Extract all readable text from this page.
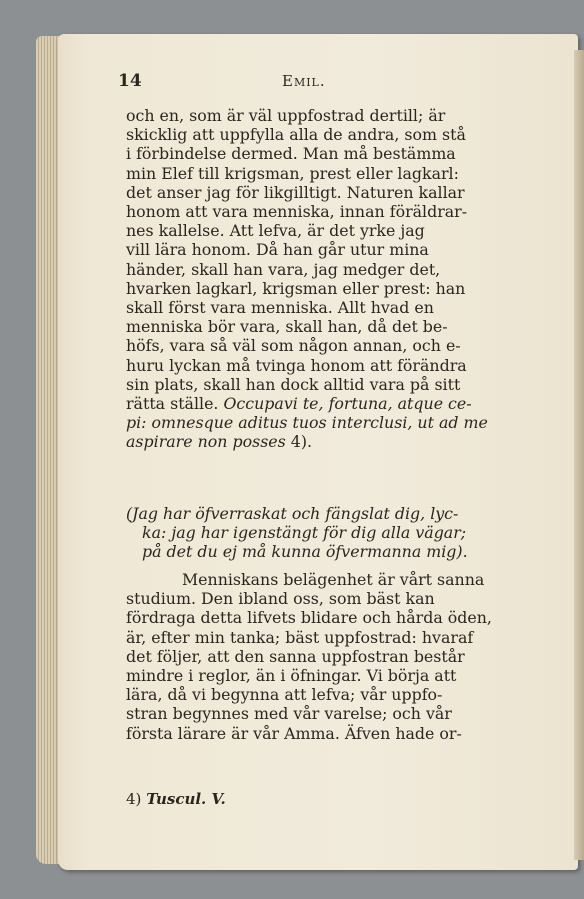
14	Emil.
och en, som är väl uppfostrad dertill; är
skicklig att uppfylla alla de andra, som stå
i förbindelse dermed. Man må bestämma
min Elef till krigsman, prest eller lagkarl:
det anser jag för likgilltigt. Naturen kallar
honom att vara menniska, innan föräldrar-
nes kallelse. Att lefva, är det yrke jag
vill lära honom. Då han går utur mina
händer, skall han vara, jag medger det,
hvarken lagkarl, krigsman eller prest: han
skall först vara menniska. Allt hvad en
menniska bör vara, skall han, då det be-
höfs, vara så väl som någon annan, och e-
huru lyckan må tvinga honom att förändra
sin plats, skall han dock alltid vara på sitt
rätta ställe. Occupavi te, fortuna, atque ce-
pi: omnesque aditus tuos interclusi, ut ad me
aspirare non posses 4).
(Jag har öfverraskat och fängslat dig, lyc-
ka: jag har igenstängt för dig alla vägar;
på det du ej må kunna öfvermanna mig).
Menniskans belägenhet är vårt sanna
studium. Den ibland oss, som bäst kan
fördraga detta lifvets blidare och hårda öden,
är, efter min tanka; bäst uppfostrad: hvaraf
det följer, att den sanna uppfostran består
mindre i reglor, än i öfningar. Vi börja att
lära, då vi begynna att lefva; vår uppfo-
stran begynnes med vår varelse; och vår
första lärare är vår Amma. Äfven hade or-
4) Tuscul. V.
